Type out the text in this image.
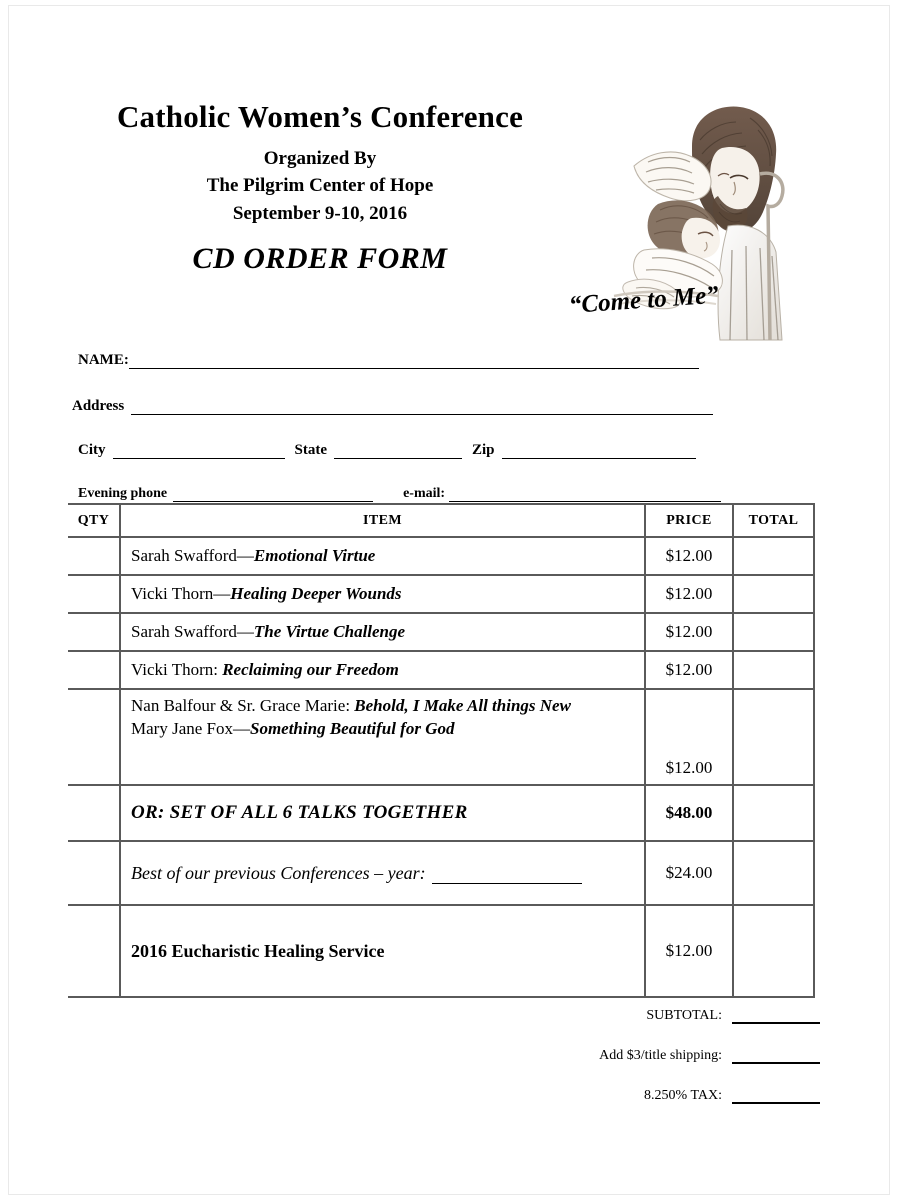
Catholic Women’s Conference
Organized By
The Pilgrim Center of Hope
September 9-10, 2016
CD ORDER FORM
“Come to Me”
NAME:
Address
City	State	Zip
Evening phone	e-mail:
QTY	ITEM	PRICE	TOTAL
	Sarah Swafford—Emotional Virtue	$12.00	
	Vicki Thorn—Healing Deeper Wounds	$12.00	
	Sarah Swafford—The Virtue Challenge	$12.00	
	Vicki Thorn: Reclaiming our Freedom	$12.00	

	Nan Balfour & Sr. Grace Marie: Behold, I Make All things New
Mary Jane Fox—Something Beautiful for God	$12.00	
	OR: SET OF ALL 6 TALKS TOGETHER	$48.00	
	Best of our previous Conferences – year:	$24.00	
	2016 Eucharistic Healing Service	$12.00	
SUBTOTAL:
Add $3/title shipping:
8.250% TAX:
